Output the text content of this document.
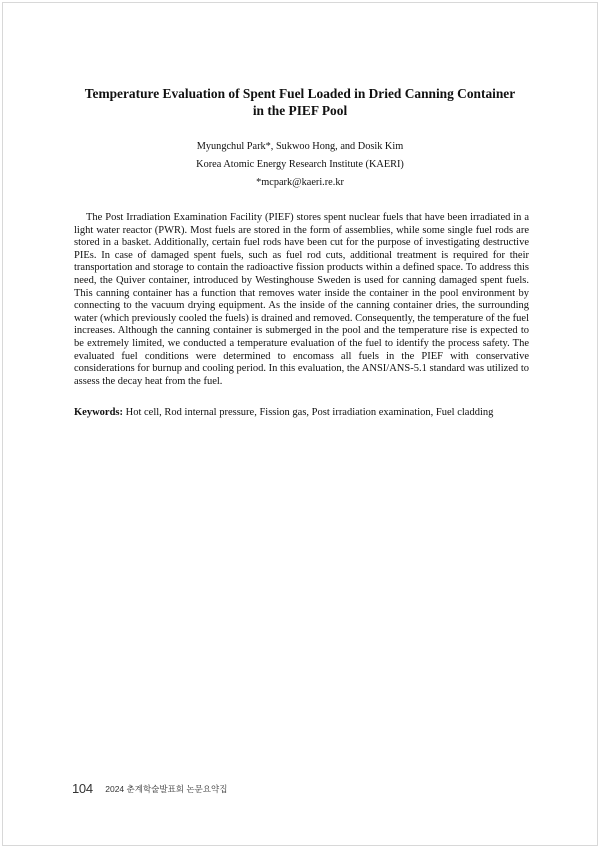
Temperature Evaluation of Spent Fuel Loaded in Dried Canning Container
in the PIEF Pool
Myungchul Park*, Sukwoo Hong, and Dosik Kim
Korea Atomic Energy Research Institute (KAERI)
*mcpark@kaeri.re.kr

The Post Irradiation Examination Facility (PIEF) stores spent nuclear fuels that have been irradiated in a light water reactor (PWR). Most fuels are stored in the form of assemblies, while some single fuel rods are stored in a basket. Additionally, certain fuel rods have been cut for the purpose of investigating destructive PIEs. In case of damaged spent fuels, such as fuel rod cuts, additional treatment is required for their transportation and storage to contain the radioactive fission products within a defined space. To address this need, the Quiver container, introduced by Westinghouse Sweden is used for canning damaged spent fuels. This canning container has a function that removes water inside the container in the pool environment by connecting to the vacuum drying equipment. As the inside of the canning container dries, the surrounding water (which previously cooled the fuels) is drained and removed. Consequently, the temperature of the fuel increases. Although the canning container is submerged in the pool and the temperature rise is expected to be extremely limited, we conducted a temperature evaluation of the fuel to identify the process safety. The evaluated fuel conditions were determined to encomass all fuels in the PIEF with conservative considerations for burnup and cooling period. In this evaluation, the ANSI/ANS-5.1 standard was utilized to assess the decay heat from the fuel.

Keywords: Hot cell, Rod internal pressure, Fission gas, Post irradiation examination, Fuel cladding

104 2024 춘계학술발표회 논문요약집
